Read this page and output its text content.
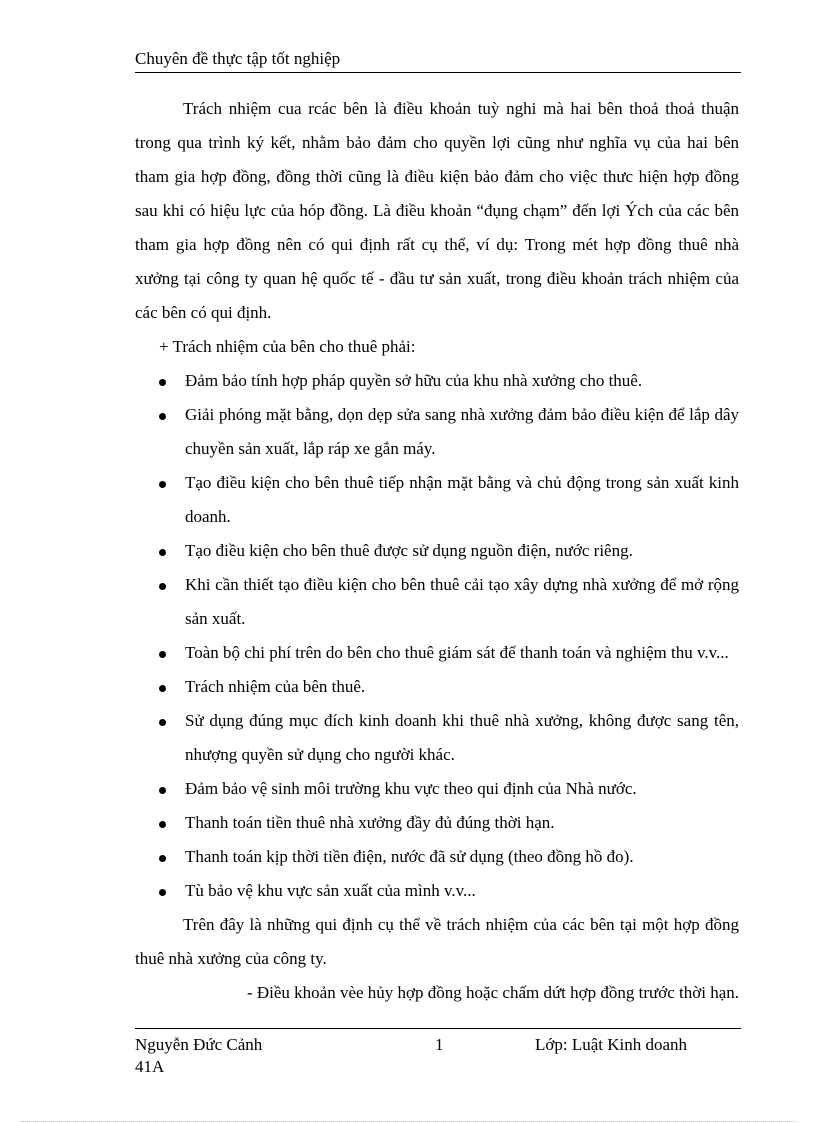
Chuyên đề thực tập tốt nghiệp

Trách nhiệm cua rcác bên là điều khoản tuỳ nghi mà hai bên thoả thoả thuận trong qua trình ký kết, nhằm bảo đảm cho quyền lợi cũng như nghĩa vụ của hai bên tham gia hợp đồng, đồng thời cũng là điều kiện bảo đảm cho việc thưc hiện hợp đồng sau khi có hiệu lực của hóp đồng. Là điều khoản “đụng chạm” đến lợi Ých của các bên tham gia hợp đồng nên có qui định rất cụ thể, ví dụ: Trong mét hợp đồng thuê nhà xưởng tại công ty quan hệ quốc tế - đầu tư sản xuất, trong điều khoản trách nhiệm của các bên có qui định.

+ Trách nhiệm của bên cho thuê phải:

Đảm bảo tính hợp pháp quyền sở hữu của khu nhà xưởng cho thuê.
Giải phóng mặt bằng, dọn dẹp sửa sang nhà xưởng đảm bảo điều kiện để lắp dây chuyền sản xuất, lắp ráp xe gắn máy.
Tạo điều kiện cho bên thuê tiếp nhận mặt bằng và chủ động trong sản xuất kinh doanh.
Tạo điều kiện cho bên thuê được sử dụng nguồn điện, nước riêng.
Khi cần thiết tạo điều kiện cho bên thuê cải tạo xây dựng nhà xưởng để mở rộng sản xuất.
Toàn bộ chi phí trên do bên cho thuê giám sát để thanh toán và nghiệm thu v.v...
Trách nhiệm của bên thuê.
Sử dụng đúng mục đích kinh doanh khi thuê nhà xưởng, không được sang tên, nhượng quyền sử dụng cho người khác.
Đảm bảo vệ sinh môi trường khu vực theo qui định của Nhà nước.
Thanh toán tiền thuê nhà xưởng đầy đủ đúng thời hạn.
Thanh toán kịp thời tiền điện, nước đã sử dụng (theo đồng hồ đo).
Tù bảo vệ khu vực sản xuất của mình v.v...

Trên đây là những qui định cụ thể về trách nhiệm của các bên tại một hợp đồng thuê nhà xưởng của công ty.

- Điều khoản vèe hủy hợp đồng hoặc chấm dứt hợp đồng trước thời hạn.

Nguyễn Đức Cảnh 41A
1	Lớp: Luật Kinh doanh
